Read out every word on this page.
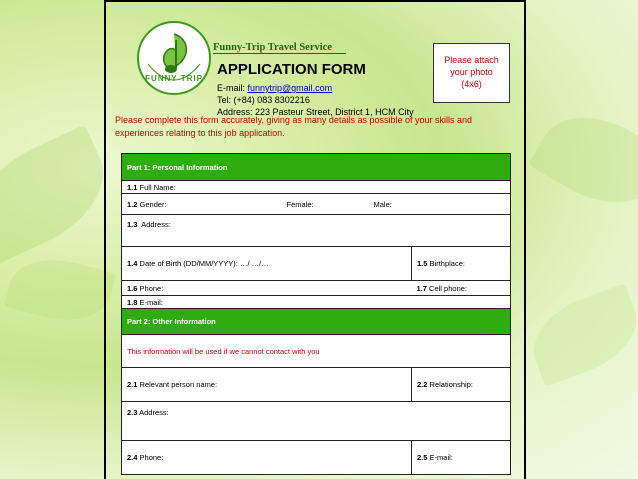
FUNNY TRIP
Funny-Trip Travel Service
APPLICATION FORM
E-mail: funnytrip@gmail.com
Tel: (+84) 083 8302216
Address: 223 Pasteur Street, District 1, HCM City
Please attach
your photo
(4x6)
Please complete this form accurately, giving as many details as possible of your skills and experiences relating to this job application.
Part 1: Personal Information	
1.1 Full Name:	
1.2 Gender: Female: Male:	

1.3 Address:	
1.4 Date of Birth (DD/MM/YYYY): …/ …/…	1.5 Birthplace:
1.6 Phone:	1.7 Cell phone:
1.8 E-mail:	
Part 2: Other Information	
This information will be used if we cannot contact with you	
2.1 Relevant person name:	2.2 Relationship:
2.3 Address:	
2.4 Phone:	2.5 E-mail:
